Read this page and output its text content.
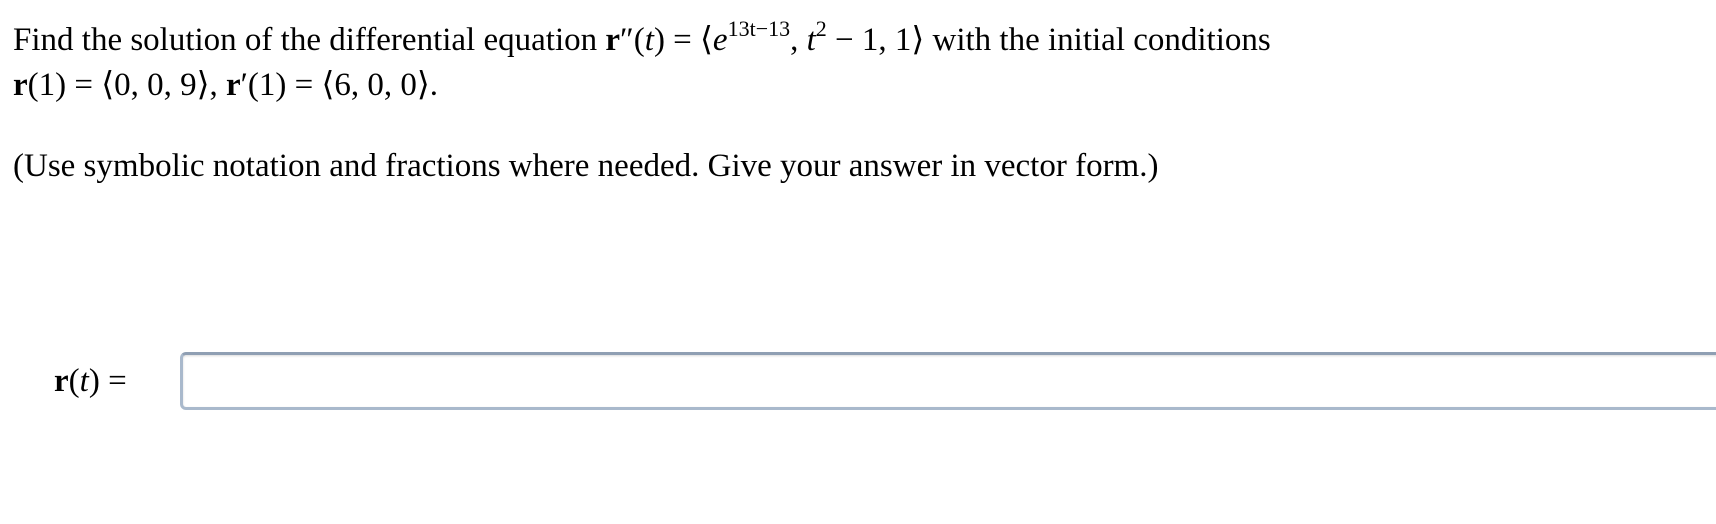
Find the solution of the differential equation $r''(t) = ⟨e^{13t-13}$, $t^2 - 1$, 1⟩ with the initial conditions

r(1) = ⟨0, 0, 9⟩, r′(1) = ⟨6, 0, 0⟩.

(Use symbolic notation and fractions where needed. Give your answer in vector form.)

r(t) =
